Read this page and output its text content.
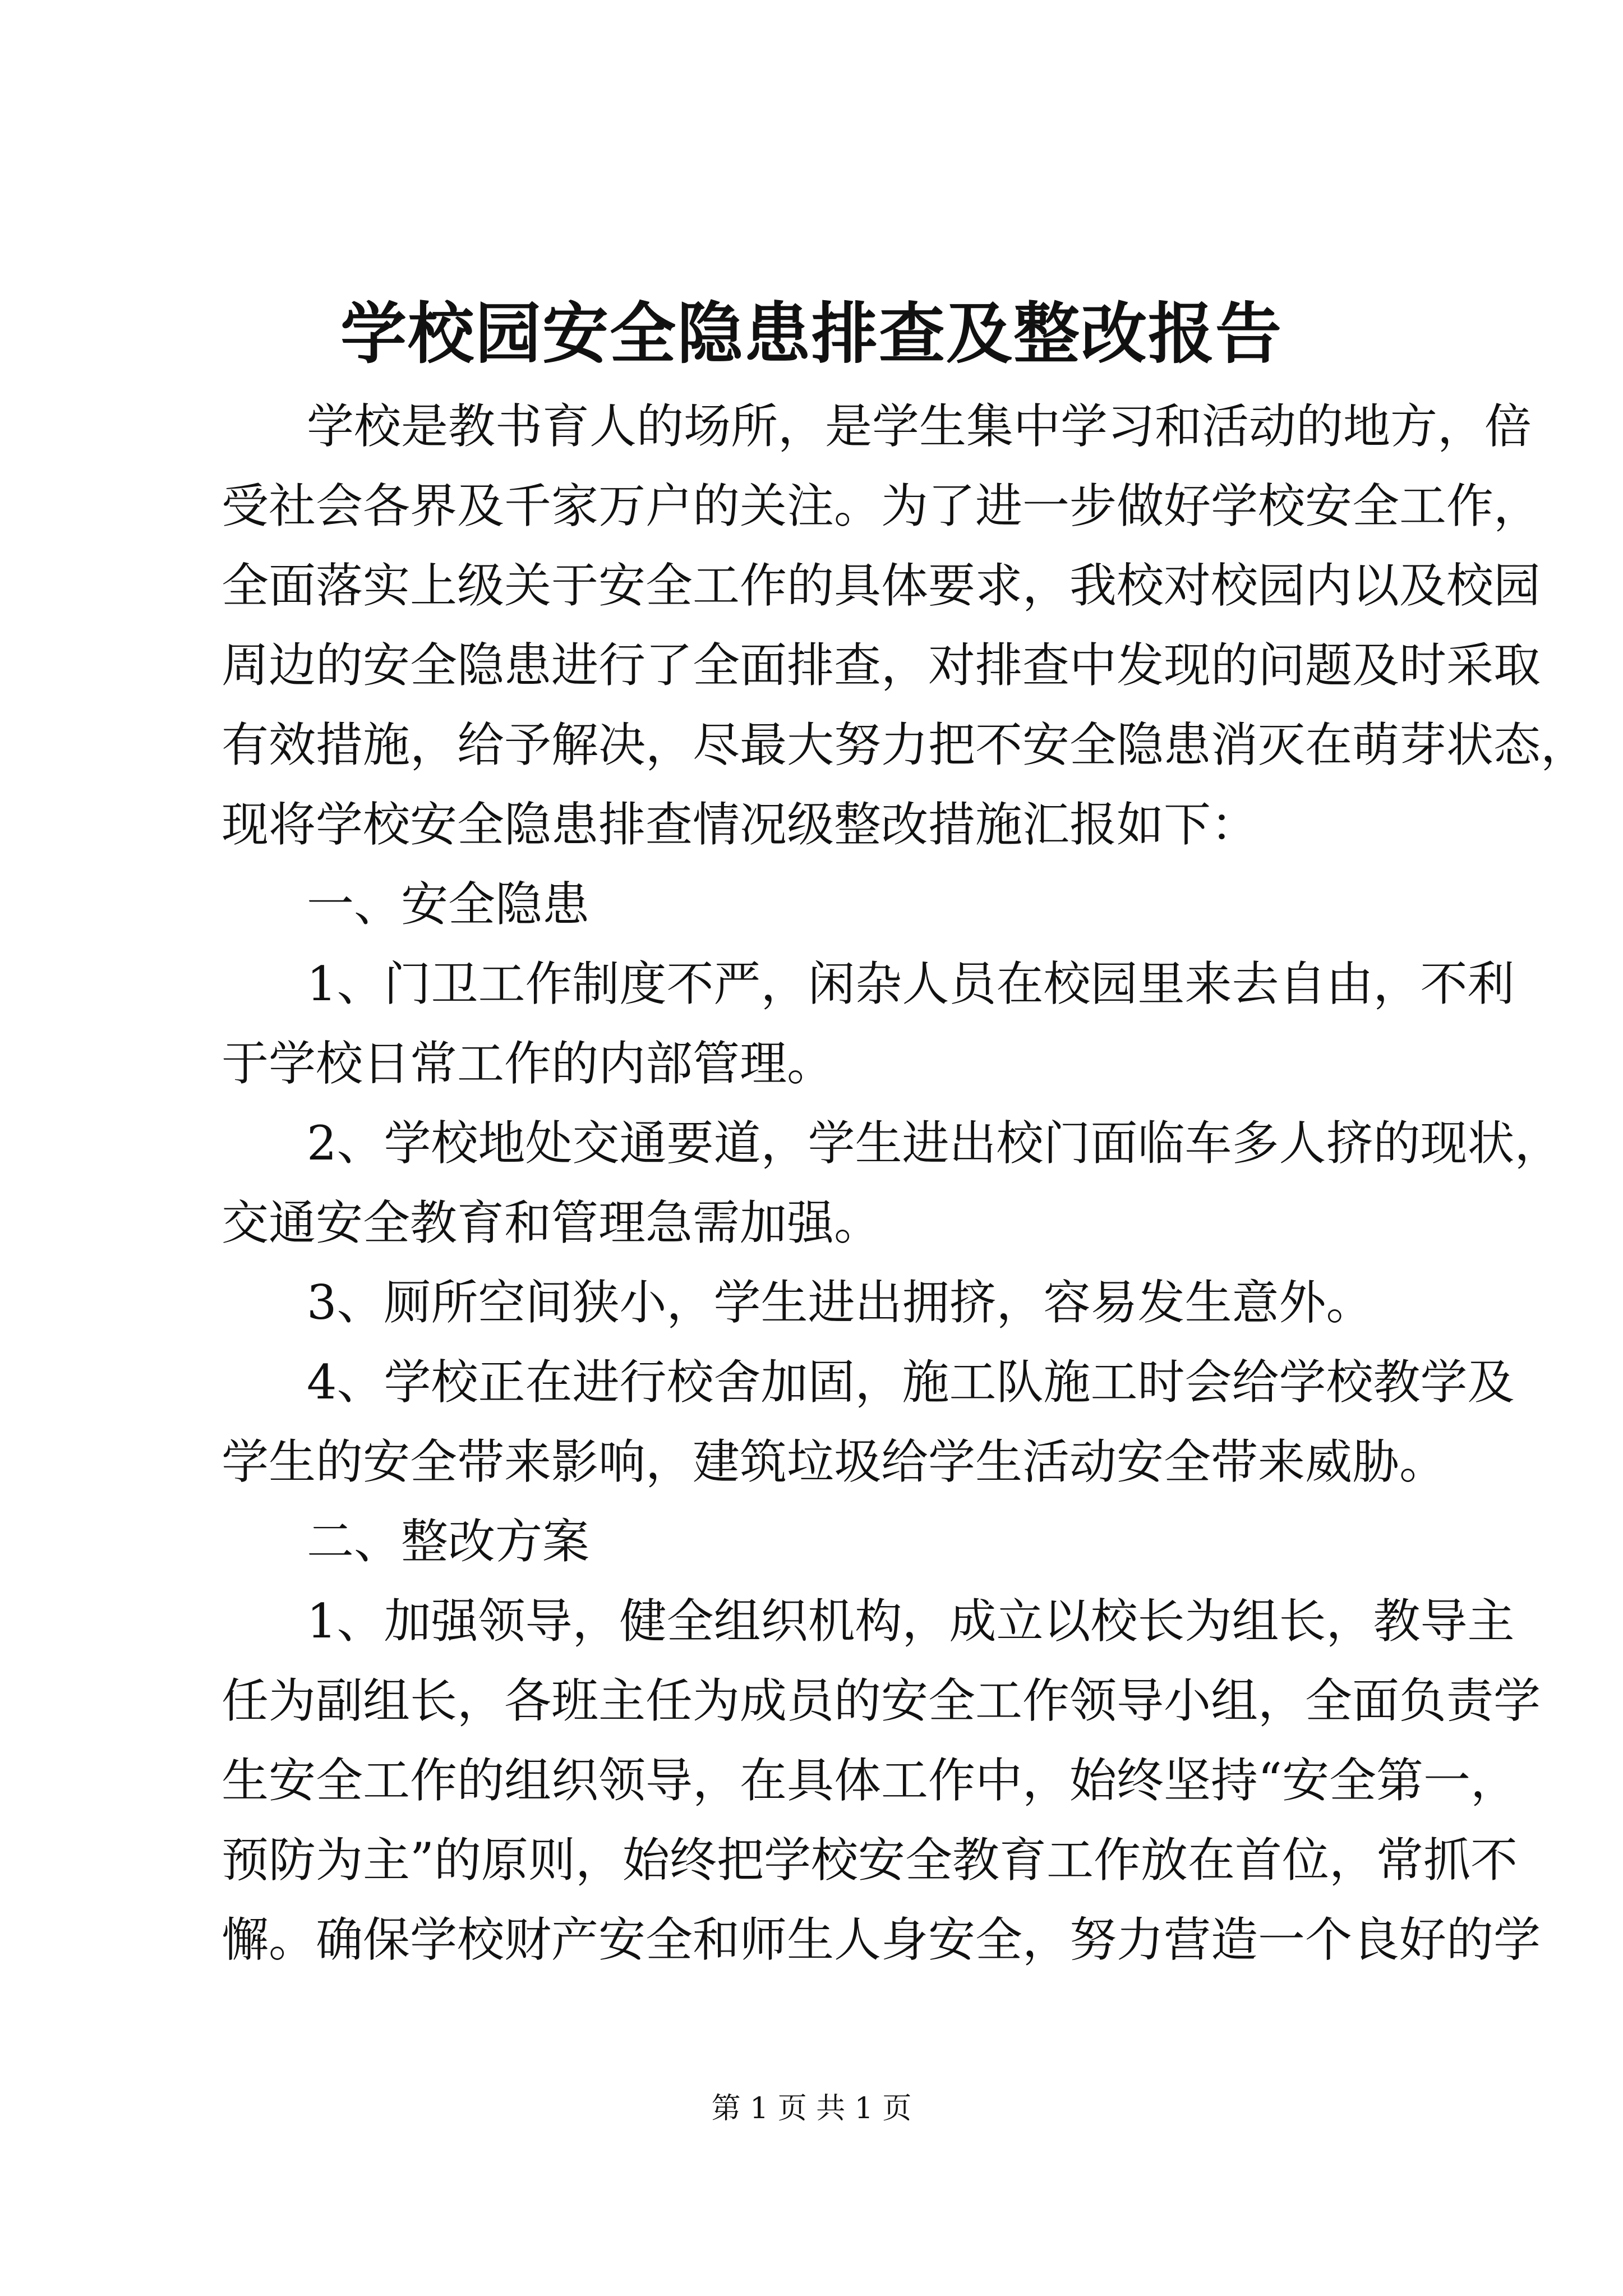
学校园安全隐患排查及整改报告
学校是教书育人的场所，是学生集中学习和活动的地方，倍
受社会各界及千家万户的关注。为了进一步做好学校安全工作，
全面落实上级关于安全工作的具体要求，我校对校园内以及校园
周边的安全隐患进行了全面排查，对排查中发现的问题及时采取
有效措施，给予解决，尽最大努力把不安全隐患消灭在萌芽状态，
现将学校安全隐患排查情况级整改措施汇报如下：
一、安全隐患
1、门卫工作制度不严，闲杂人员在校园里来去自由，不利
于学校日常工作的内部管理。
2、学校地处交通要道，学生进出校门面临车多人挤的现状，
交通安全教育和管理急需加强。
3、厕所空间狭小，学生进出拥挤，容易发生意外。
4、学校正在进行校舍加固，施工队施工时会给学校教学及
学生的安全带来影响，建筑垃圾给学生活动安全带来威胁。
二、整改方案
1、加强领导，健全组织机构，成立以校长为组长，教导主
任为副组长，各班主任为成员的安全工作领导小组，全面负责学
生安全工作的组织领导，在具体工作中，始终坚持“安全第一，
预防为主”的原则，始终把学校安全教育工作放在首位，常抓不
懈。确保学校财产安全和师生人身安全，努力营造一个良好的学
第 1 页 共 1 页
